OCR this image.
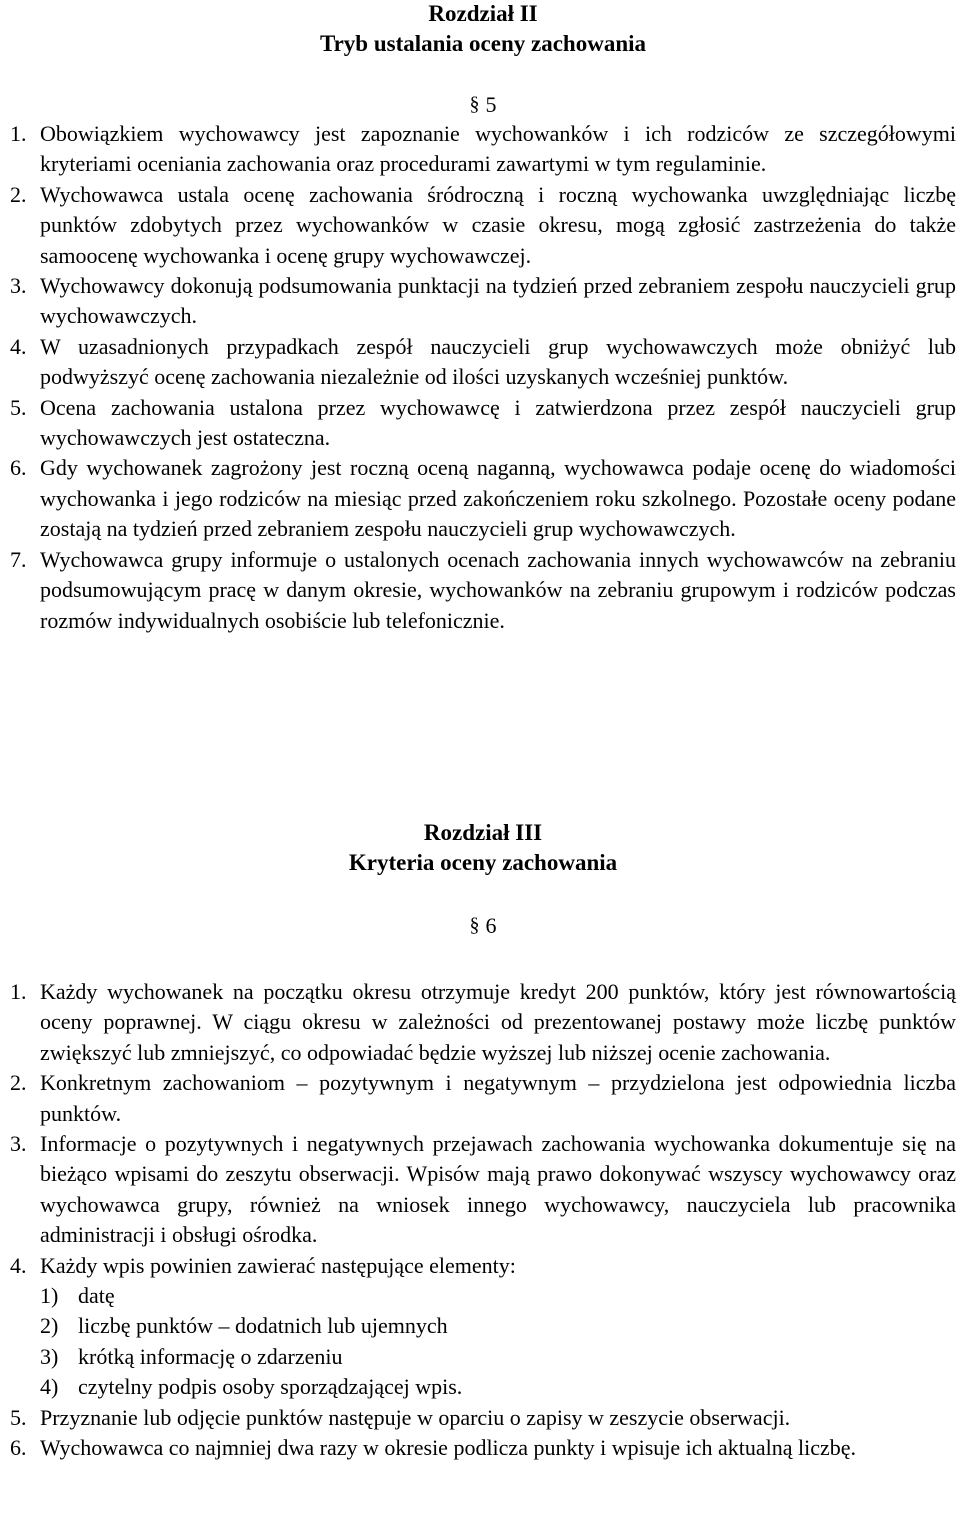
Rozdział II

Tryb ustalania oceny zachowania

§ 5
1. Obowiązkiem wychowawcy jest zapoznanie wychowanków i ich rodziców ze szczegółowymi kryteriami oceniania zachowania oraz procedurami zawartymi w tym regulaminie.
2. Wychowawca ustala ocenę zachowania śródroczną i roczną wychowanka uwzględniając liczbę punktów zdobytych przez wychowanków w czasie okresu, mogą zgłosić zastrzeżenia do także samoocenę wychowanka i ocenę grupy wychowawczej.
3. Wychowawcy dokonują podsumowania punktacji na tydzień przed zebraniem zespołu nauczycieli grup wychowawczych.
4. W uzasadnionych przypadkach zespół nauczycieli grup wychowawczych może obniżyć lub podwyższyć ocenę zachowania niezależnie od ilości uzyskanych wcześniej punktów.
5. Ocena zachowania ustalona przez wychowawcę i zatwierdzona przez zespół nauczycieli grup wychowawczych jest ostateczna.
6. Gdy wychowanek zagrożony jest roczną oceną naganną, wychowawca podaje ocenę do wiadomości wychowanka i jego rodziców na miesiąc przed zakończeniem roku szkolnego. Pozostałe oceny podane zostają na tydzień przed zebraniem zespołu nauczycieli grup wychowawczych.
7. Wychowawca grupy informuje o ustalonych ocenach zachowania innych wychowawców na zebraniu podsumowującym pracę w danym okresie, wychowanków na zebraniu grupowym i rodziców podczas rozmów indywidualnych osobiście lub telefonicznie.

Rozdział III

Kryteria oceny zachowania

§ 6
1. Każdy wychowanek na początku okresu otrzymuje kredyt 200 punktów, który jest równowartością oceny poprawnej. W ciągu okresu w zależności od prezentowanej postawy może liczbę punktów zwiększyć lub zmniejszyć, co odpowiadać będzie wyższej lub niższej ocenie zachowania.
2. Konkretnym zachowaniom – pozytywnym i negatywnym – przydzielona jest odpowiednia liczba punktów.
3. Informacje o pozytywnych i negatywnych przejawach zachowania wychowanka dokumentuje się na bieżąco wpisami do zeszytu obserwacji. Wpisów mają prawo dokonywać wszyscy wychowawcy oraz wychowawca grupy, również na wniosek innego wychowawcy, nauczyciela lub pracownika administracji i obsługi ośrodka.
4. Każdy wpis powinien zawierać następujące elementy:
1) datę
2) liczbę punktów – dodatnich lub ujemnych
3) krótką informację o zdarzeniu
4) czytelny podpis osoby sporządzającej wpis.
5. Przyznanie lub odjęcie punktów następuje w oparciu o zapisy w zeszycie obserwacji.
6. Wychowawca co najmniej dwa razy w okresie podlicza punkty i wpisuje ich aktualną liczbę.
